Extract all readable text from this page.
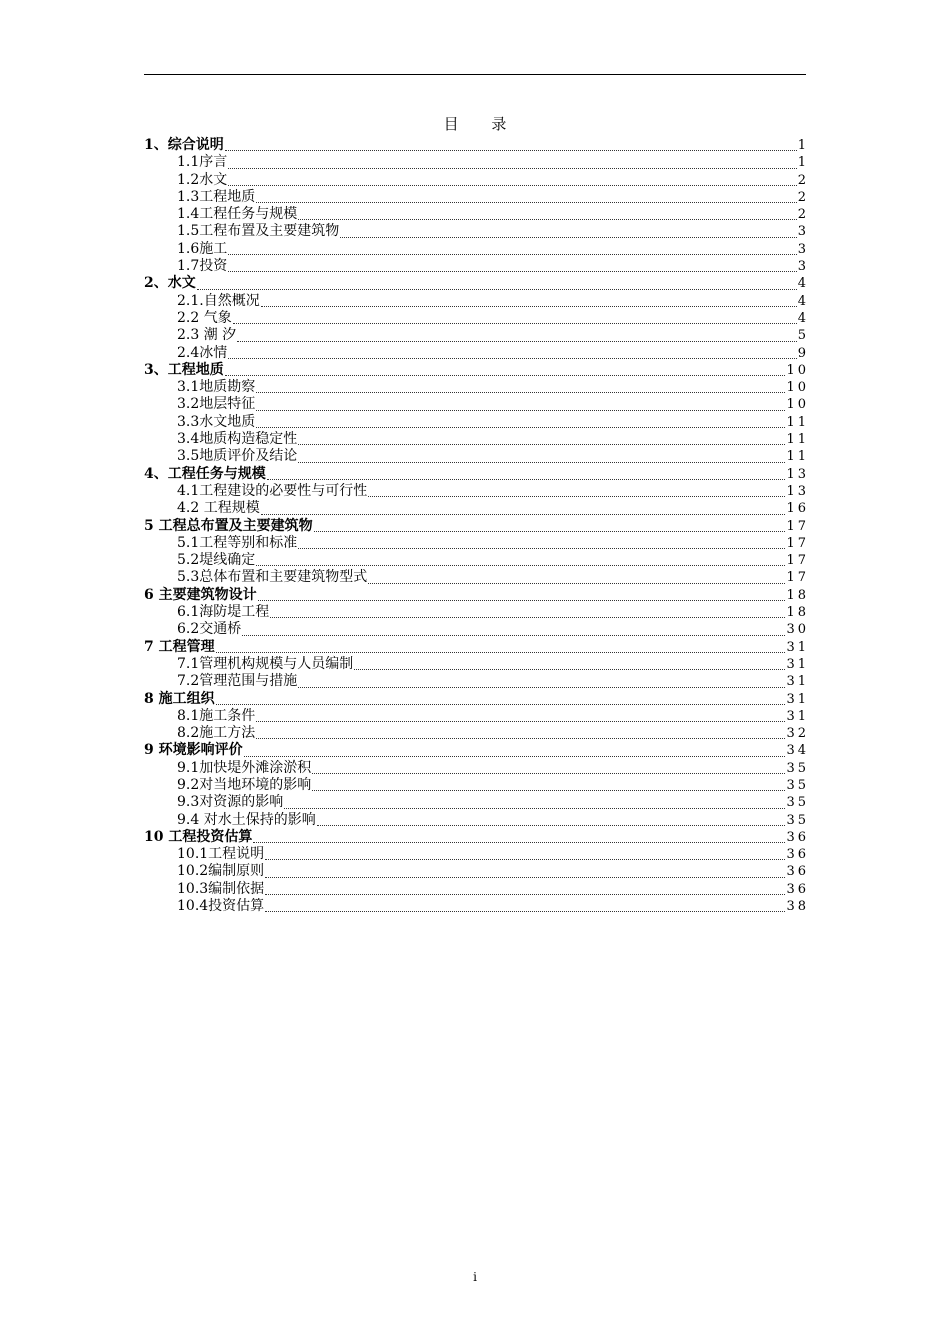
目 录
1、综合说明	1
1.1序言	1
1.2水文	2
1.3工程地质	2
1.4工程任务与规模	2
1.5工程布置及主要建筑物	3
1.6施工	3
1.7投资	3
2、水文	4
2.1.自然概况	4
2.2 气象	4
2.3 潮 汐	5
2.4冰情	9
3、工程地质	10
3.1地质勘察	10
3.2地层特征	10
3.3水文地质	11
3.4地质构造稳定性	11
3.5地质评价及结论	11
4、工程任务与规模	13
4.1工程建设的必要性与可行性	13
4.2 工程规模	16
5 工程总布置及主要建筑物	17
5.1工程等别和标准	17
5.2堤线确定	17
5.3总体布置和主要建筑物型式	17
6 主要建筑物设计	18
6.1海防堤工程	18
6.2交通桥	30
7 工程管理	31
7.1管理机构规模与人员编制	31
7.2管理范围与措施	31
8 施工组织	31
8.1施工条件	31
8.2施工方法	32
9 环境影响评价	34
9.1加快堤外滩涂淤积	35
9.2对当地环境的影响	35
9.3对资源的影响	35
9.4 对水土保持的影响	35
10 工程投资估算	36
10.1工程说明	36
10.2编制原则	36
10.3编制依据	36
10.4投资估算	38
i
